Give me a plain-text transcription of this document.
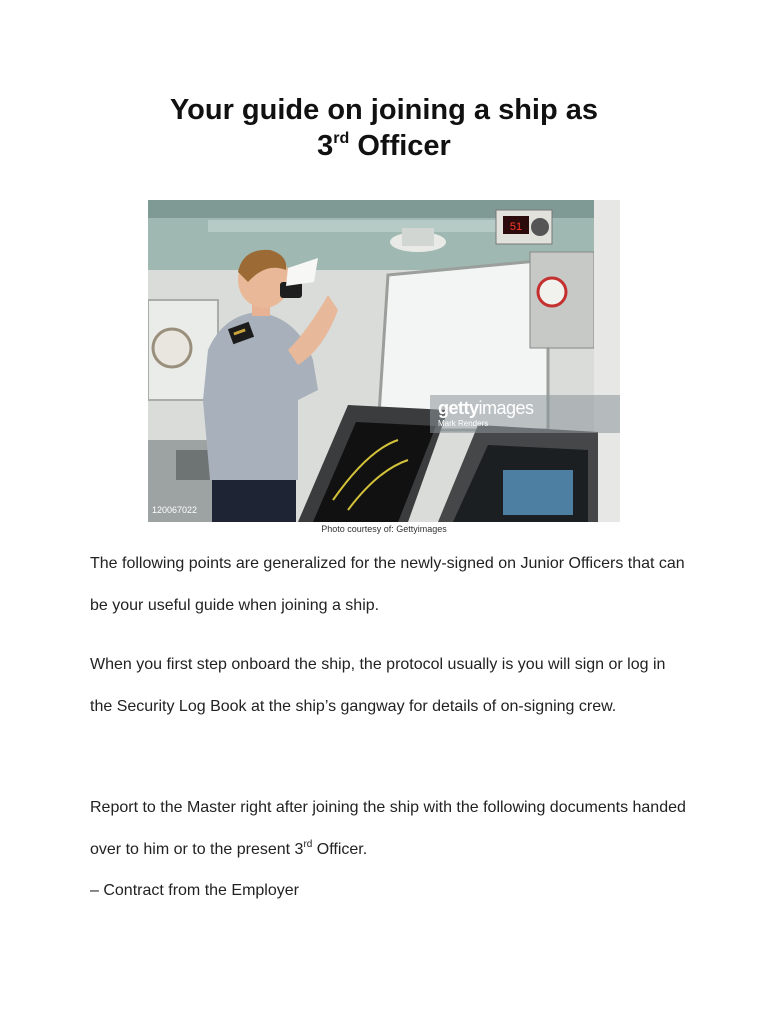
Your guide on joining a ship as
3rd Officer
51
gettyimages
Mark Renders
120067022
Photo courtesy of: Gettyimages

The following points are generalized for the newly-signed on Junior Officers that can be your useful guide when joining a ship.

When you first step onboard the ship, the protocol usually is you will sign or log in the Security Log Book at the ship’s gangway for details of on-signing crew.

Report to the Master right after joining the ship with the following documents handed over to him or to the present 3rd Officer.

– Contract from the Employer
